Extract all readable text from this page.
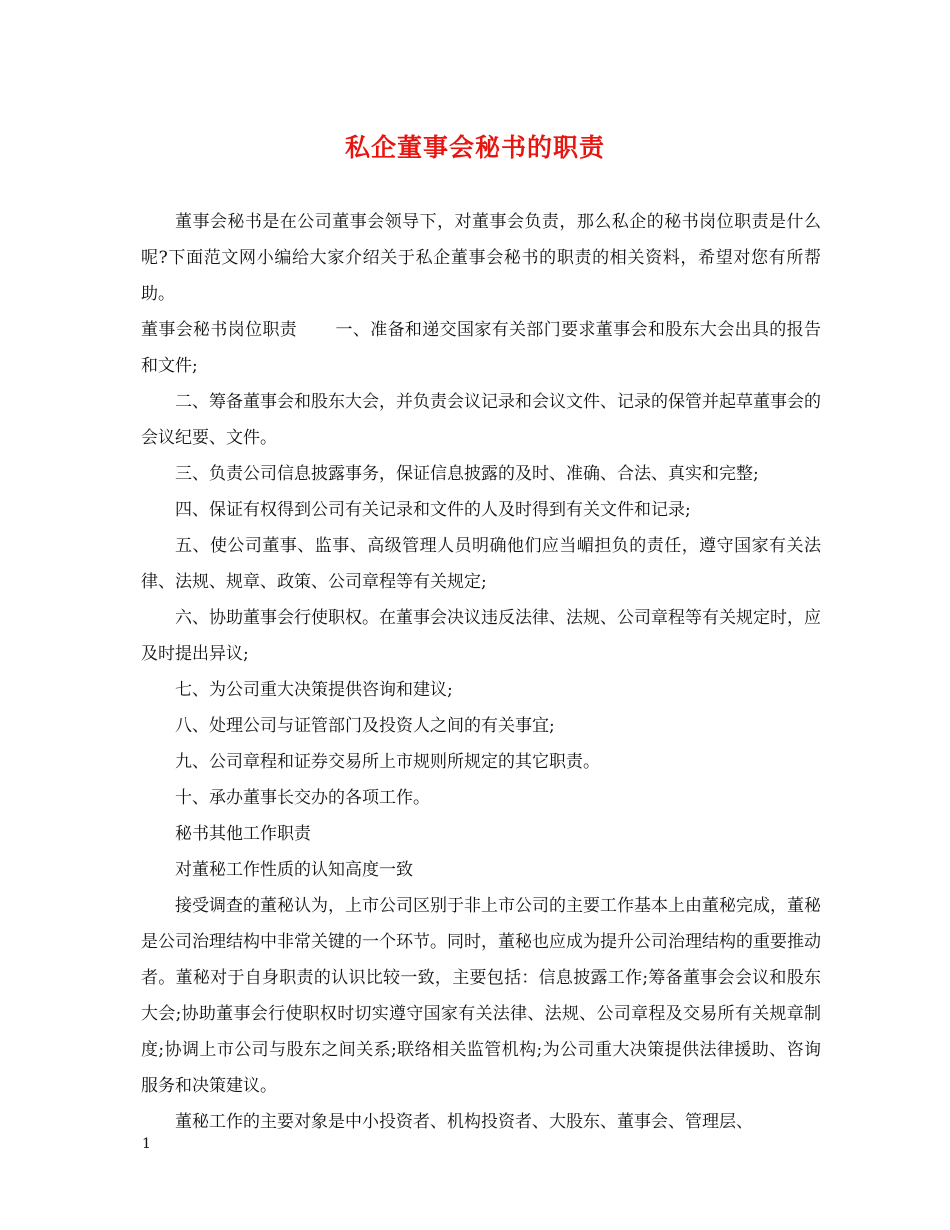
私企董事会秘书的职责

董事会秘书是在公司董事会领导下，对董事会负责，那么私企的秘书岗位职责是什么呢?下面范文网小编给大家介绍关于私企董事会秘书的职责的相关资料，希望对您有所帮助。

董事会秘书岗位职责 一、准备和递交国家有关部门要求董事会和股东大会出具的报告和文件;

二、筹备董事会和股东大会，并负责会议记录和会议文件、记录的保管并起草董事会的会议纪要、文件。

三、负责公司信息披露事务，保证信息披露的及时、准确、合法、真实和完整;

四、保证有权得到公司有关记录和文件的人及时得到有关文件和记录;

五、使公司董事、监事、高级管理人员明确他们应当嵋担负的责任，遵守国家有关法律、法规、规章、政策、公司章程等有关规定;

六、协助董事会行使职权。在董事会决议违反法律、法规、公司章程等有关规定时，应及时提出异议;

七、为公司重大决策提供咨询和建议;

八、处理公司与证管部门及投资人之间的有关事宜;

九、公司章程和证券交易所上市规则所规定的其它职责。

十、承办董事长交办的各项工作。

秘书其他工作职责

对董秘工作性质的认知高度一致

接受调查的董秘认为，上市公司区别于非上市公司的主要工作基本上由董秘完成，董秘是公司治理结构中非常关键的一个环节。同时，董秘也应成为提升公司治理结构的重要推动者。董秘对于自身职责的认识比较一致，主要包括：信息披露工作;筹备董事会会议和股东大会;协助董事会行使职权时切实遵守国家有关法律、法规、公司章程及交易所有关规章制度;协调上市公司与股东之间关系;联络相关监管机构;为公司重大决策提供法律援助、咨询服务和决策建议。

董秘工作的主要对象是中小投资者、机构投资者、大股东、董事会、管理层、

1
